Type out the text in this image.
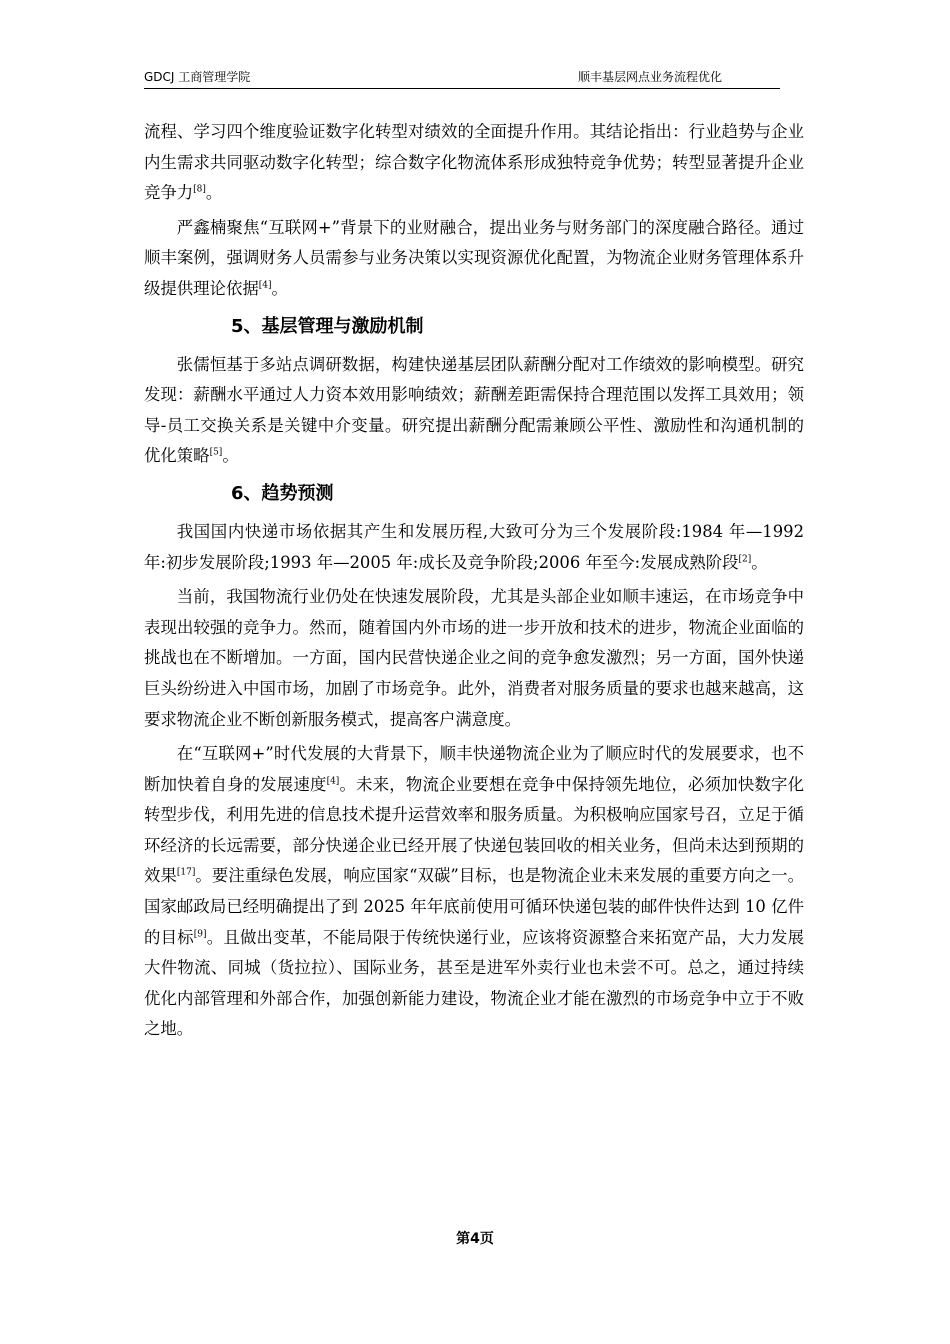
GDCJ 工商管理学院	顺丰基层网点业务流程优化

流程、学习四个维度验证数字化转型对绩效的全面提升作用。其结论指出：行业趋势与企业内生需求共同驱动数字化转型；综合数字化物流体系形成独特竞争优势；转型显著提升企业竞争力[8]。

严鑫楠聚焦“互联网+”背景下的业财融合，提出业务与财务部门的深度融合路径。通过顺丰案例，强调财务人员需参与业务决策以实现资源优化配置，为物流企业财务管理体系升级提供理论依据[4]。

5、基层管理与激励机制

张儒恒基于多站点调研数据，构建快递基层团队薪酬分配对工作绩效的影响模型。研究发现：薪酬水平通过人力资本效用影响绩效；薪酬差距需保持合理范围以发挥工具效用；领导-员工交换关系是关键中介变量。研究提出薪酬分配需兼顾公平性、激励性和沟通机制的优化策略[5]。

6、趋势预测

我国国内快递市场依据其产生和发展历程,大致可分为三个发展阶段:1984 年—1992 年:初步发展阶段;1993 年—2005 年:成长及竞争阶段;2006 年至今:发展成熟阶段[2]。

当前，我国物流行业仍处在快速发展阶段，尤其是头部企业如顺丰速运，在市场竞争中表现出较强的竞争力。然而，随着国内外市场的进一步开放和技术的进步，物流企业面临的挑战也在不断增加。一方面，国内民营快递企业之间的竞争愈发激烈；另一方面，国外快递巨头纷纷进入中国市场，加剧了市场竞争。此外，消费者对服务质量的要求也越来越高，这要求物流企业不断创新服务模式，提高客户满意度。

在“互联网+”时代发展的大背景下，顺丰快递物流企业为了顺应时代的发展要求，也不断加快着自身的发展速度[4]。未来，物流企业要想在竞争中保持领先地位，必须加快数字化转型步伐，利用先进的信息技术提升运营效率和服务质量。为积极响应国家号召，立足于循环经济的长远需要，部分快递企业已经开展了快递包装回收的相关业务，但尚未达到预期的效果[17]。要注重绿色发展，响应国家“双碳”目标，也是物流企业未来发展的重要方向之一。国家邮政局已经明确提出了到 2025 年年底前使用可循环快递包装的邮件快件达到 10 亿件的目标[9]。且做出变革，不能局限于传统快递行业，应该将资源整合来拓宽产品，大力发展大件物流、同城（货拉拉）、国际业务，甚至是进军外卖行业也未尝不可。总之，通过持续优化内部管理和外部合作，加强创新能力建设，物流企业才能在激烈的市场竞争中立于不败之地。

第4页
